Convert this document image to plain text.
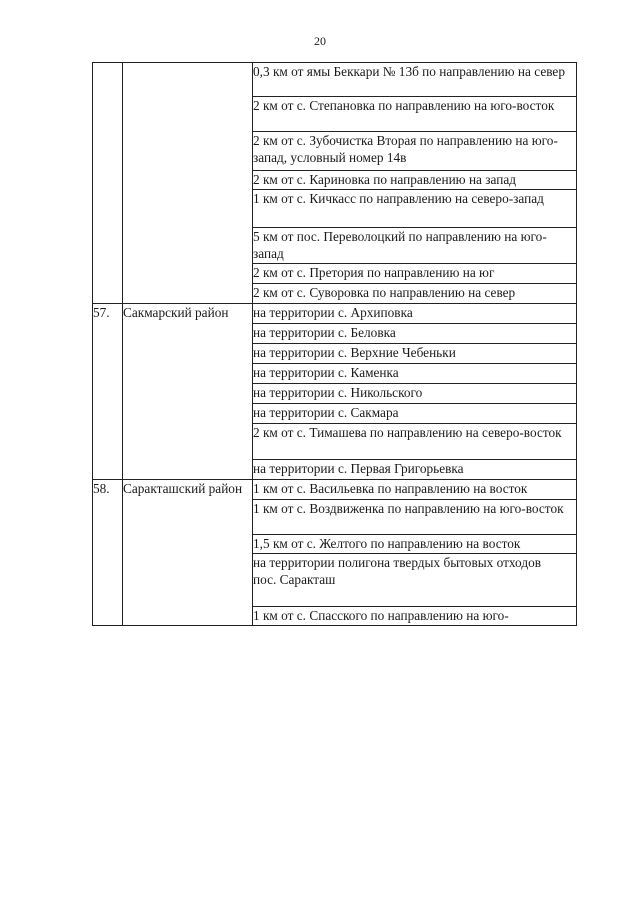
20

		0,3 км от ямы Беккари № 13б по направлению на север

		2 км от с. Степановка по направлению на юго-восток

		2 км от с. Зубочистка Вторая по направлению на юго-запад, условный номер 14в

		2 км от с. Кариновка по направлению на запад

		1 км от с. Кичкасс по направлению на северо-запад

		5 км от пос. Переволоцкий по направлению на юго-запад

		2 км от с. Претория по направлению на юг

		2 км от с. Суворовка по направлению на север

57.	Сакмарский район	на территории с. Архиповка

		на территории с. Беловка

		на территории с. Верхние Чебеньки

		на территории с. Каменка

		на территории с. Никольского

		на территории с. Сакмара

		2 км от с. Тимашева по направлению на северо-восток

		на территории с. Первая Григорьевка

58.	Саракташский район	1 км от с. Васильевка по направлению на восток

		1 км от с. Воздвиженка по направлению на юго-восток

		1,5 км от с. Желтого по направлению на восток

		на территории полигона твердых бытовых отходов
пос. Саракташ

		1 км от с. Спасского по направлению на юго-
